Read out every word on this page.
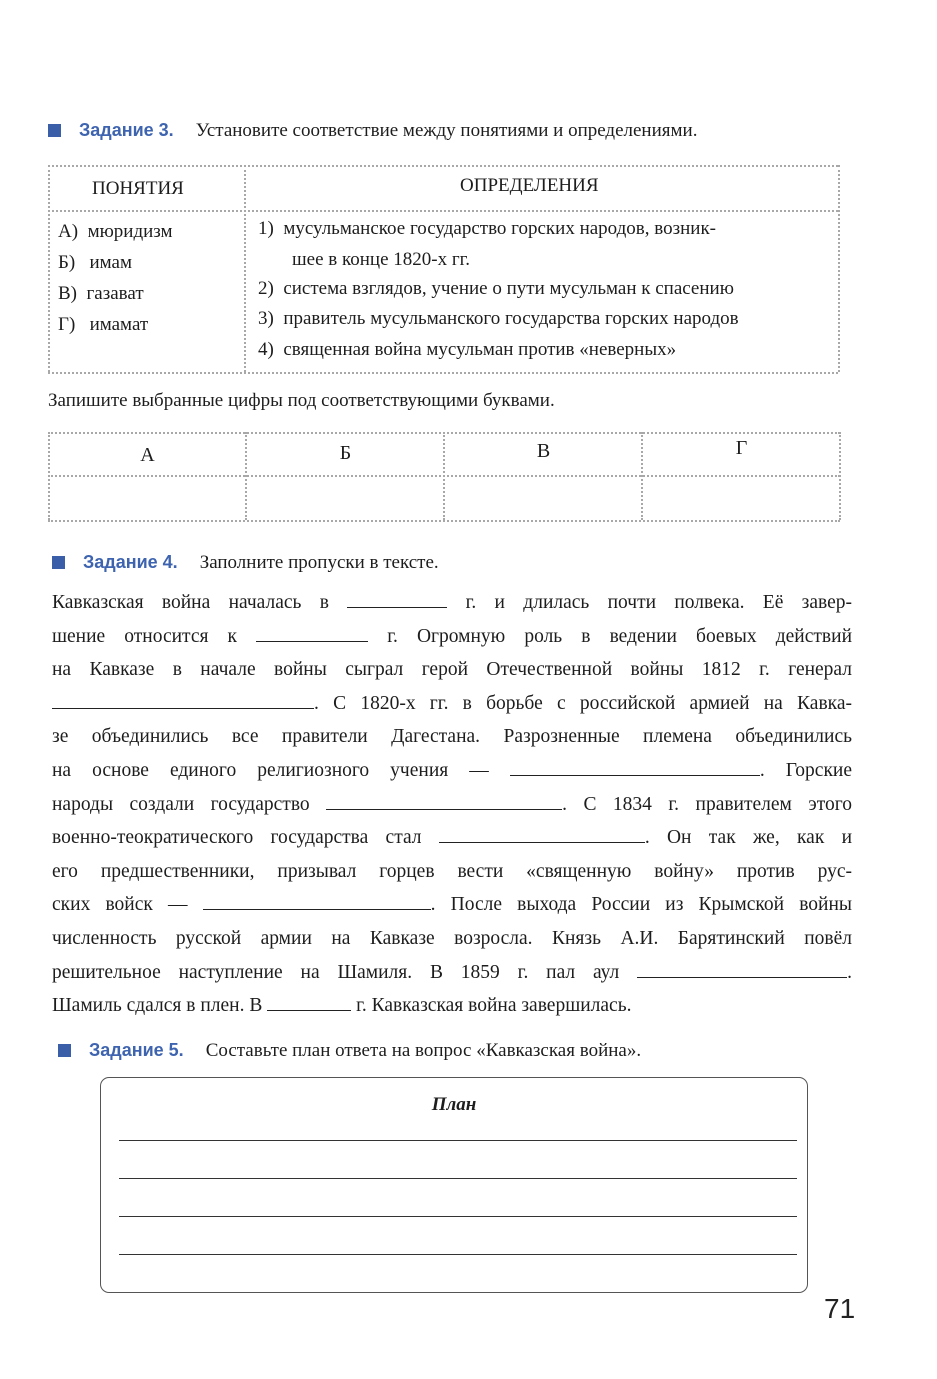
Задание 3. Установите соответствие между понятиями и определениями.
ПОНЯТИЯ	ОПРЕДЕЛЕНИЯ
А) мюридизм
Б) имам
В) газават
Г) имамат
1) мусульманское государство горских народов, возник-
шее в конце 1820-х гг.
2) система взглядов, учение о пути мусульман к спасению
3) правитель мусульманского государства горских народов
4) священная война мусульман против «неверных»
Запишите выбранные цифры под соответствующими буквами.
А	Б	В	Г
Задание 4. Заполните пропуски в тексте.
Кавказская война началась в	г. и длилась почти полвека. Её завер-
шение относится к	г. Огромную роль в ведении боевых действий
на Кавказе в начале войны сыграл герой Отечественной войны 1812 г. генерал
. С 1820-х гг. в борьбе с российской армией на Кавка-
зе объединились все правители Дагестана. Разрозненные племена объединились
на основе единого религиозного учения —	. Горские
народы создали государство	. С 1834 г. правителем этого
военно-теократического государства стал	. Он так же, как и
его предшественники, призывал горцев вести «священную войну» против рус-
ских войск —	. После выхода России из Крымской войны
численность русской армии на Кавказе возросла. Князь А.И. Барятинский повёл
решительное наступление на Шамиля. В 1859 г. пал аул	.
Шамиль сдался в плен. В	г. Кавказская война завершилась.
Задание 5. Составьте план ответа на вопрос «Кавказская война».
План
71
